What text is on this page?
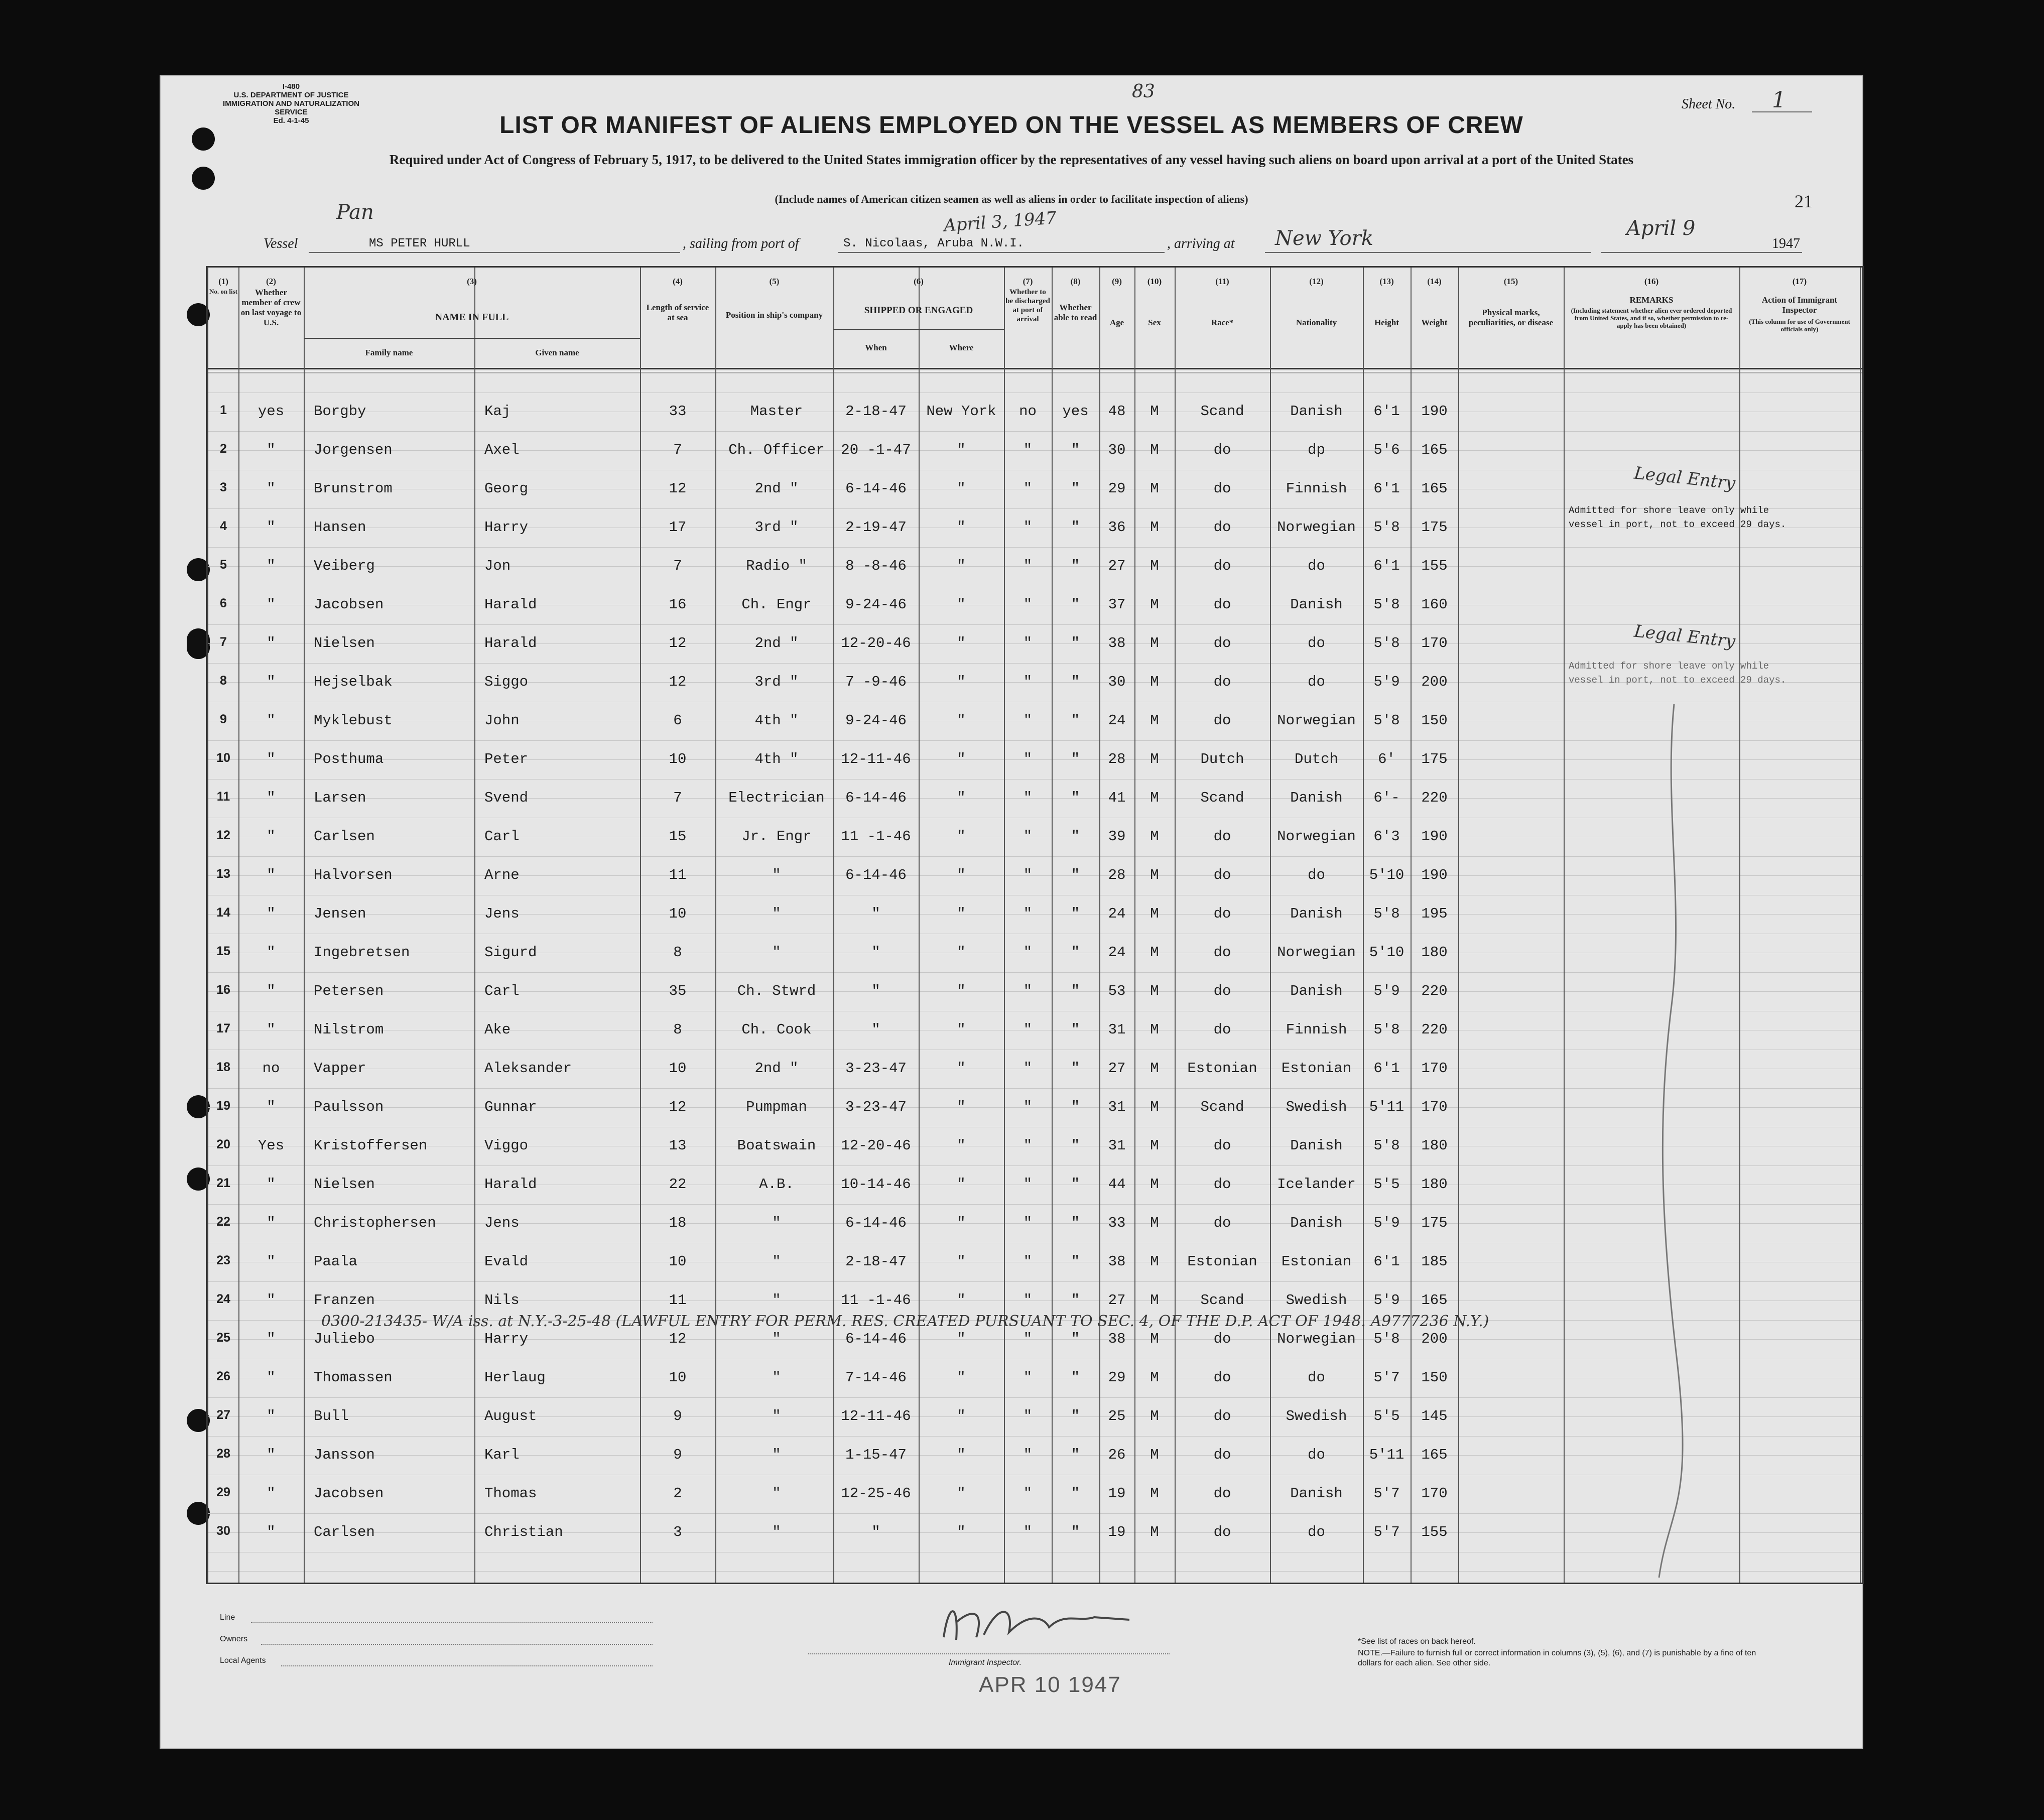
I-480
U.S. DEPARTMENT OF JUSTICE
IMMIGRATION AND NATURALIZATION SERVICE
Ed. 4-1-45
83
Sheet No. 1
LIST OR MANIFEST OF ALIENS EMPLOYED ON THE VESSEL AS MEMBERS OF CREW
Required under Act of Congress of February 5, 1917, to be delivered to the United States immigration officer by the representatives of any vessel having such aliens on board upon arrival at a port of the United States
(Include names of American citizen seamen as well as aliens in order to facilitate inspection of aliens)	21
Pan
Vessel	MS PETER HURLL	, sailing from port of	S. Nicolaas, Aruba N.W.I.
April 3, 1947
, arriving at New York	April 9
1947
(1)
No. on list
(2)
Whether member of crew on last voyage to U.S.
(3)
NAME IN FULL
Family name	Given name
(4)
Length of service at sea
(5)
Position in ship's company
(6)
SHIPPED OR ENGAGED
When	Where
(7)
Whether to be discharged at port of arrival
(8)
Whether able to read
(9)
Age
(10)
Sex
(11)
Race*
(12)
Nationality
(13)
Height
(14)
Weight
(15)
Physical marks, peculiarities, or disease
(16)
REMARKS
(Including statement whether alien ever ordered deported from United States, and if so, whether permission to re-apply has been obtained)
(17)
Action of Immigrant Inspector
(This column for use of Government officials only)
1	yes	Borgby	Kaj	33	Master	2-18-47	New York	no	yes	48	M	Scand	Danish	6'1	190
2	"	Jorgensen	Axel	7	Ch. Officer	20 -1-47	"	"	"	30	M	do	dp	5'6	165
3	"	Brunstrom	Georg	12	2nd "	6-14-46	"	"	"	29	M	do	Finnish	6'1	165
4	"	Hansen	Harry	17	3rd "	2-19-47	"	"	"	36	M	do	Norwegian	5'8	175
5	"	Veiberg	Jon	7	Radio "	8 -8-46	"	"	"	27	M	do	do	6'1	155
6	"	Jacobsen	Harald	16	Ch. Engr	9-24-46	"	"	"	37	M	do	Danish	5'8	160
7	"	Nielsen	Harald	12	2nd "	12-20-46	"	"	"	38	M	do	do	5'8	170
8	"	Hejselbak	Siggo	12	3rd "	7 -9-46	"	"	"	30	M	do	do	5'9	200
9	"	Myklebust	John	6	4th "	9-24-46	"	"	"	24	M	do	Norwegian	5'8	150
10	"	Posthuma	Peter	10	4th "	12-11-46	"	"	"	28	M	Dutch	Dutch	6'	175
11	"	Larsen	Svend	7	Electrician	6-14-46	"	"	"	41	M	Scand	Danish	6'-	220
12	"	Carlsen	Carl	15	Jr. Engr	11 -1-46	"	"	"	39	M	do	Norwegian	6'3	190
13	"	Halvorsen	Arne	11	"	6-14-46	"	"	"	28	M	do	do	5'10	190
14	"	Jensen	Jens	10	"	"	"	"	"	24	M	do	Danish	5'8	195
15	"	Ingebretsen	Sigurd	8	"	"	"	"	"	24	M	do	Norwegian 5'10	180
16	"	Petersen	Carl	35	Ch. Stwrd	"	"	"	"	53	M	do	Danish	5'9	220
17	"	Nilstrom	Ake	8	Ch. Cook	"	"	"	"	31	M	do	Finnish	5'8	220
18	no	Vapper	Aleksander	10	2nd "	3-23-47	"	"	"	27	M	Estonian	Estonian	6'1	170
19	"	Paulsson	Gunnar	12	Pumpman	3-23-47	"	"	"	31	M	Scand	Swedish	5'11	170
20	Yes	Kristoffersen	Viggo	13	Boatswain	12-20-46	"	"	"	31	M	do	Danish	5'8	180
21	"	Nielsen	Harald	22	A.B.	10-14-46	"	"	"	44	M	do	Icelander	5'5	180
22	"	Christophersen	Jens	18	"	6-14-46	"	"	"	33	M	do	Danish	5'9	175
23	"	Paala	Evald	10	"	2-18-47	"	"	"	38	M	Estonian	Estonian	6'1	185
24	"	Franzen	Nils	11	"	11 -1-46	"	"	"	27	M	Scand	Swedish	5'9	165
25	"	Juliebo	Harry	12	"	6-14-46	"	"	"	38	M	do	Norwegian	5'8	200
26	"	Thomassen	Herlaug	10	"	7-14-46	"	"	"	29	M	do	do	5'7	150
27	"	Bull	August	9	"	12-11-46	"	"	"	25	M	do	Swedish	5'5	145
28	"	Jansson	Karl	9	"	1-15-47	"	"	"	26	M	do	do	5'11	165
29	"	Jacobsen	Thomas	2	"	12-25-46	"	"	"	19	M	do	Danish	5'7	170
30	"	Carlsen	Christian	3	"	"	"	"	"	19	M	do	do	5'7	155
Legal Entry
Admitted for shore leave only while vessel in port, not to exceed 29 days.
Legal Entry
Admitted for shore leave only while vessel in port, not to exceed 29 days.
0300-213435- W/A iss. at N.Y.-3-25-48 (LAWFUL ENTRY FOR PERM. RES. CREATED PURSUANT TO SEC. 4, OF THE D.P. ACT OF 1948. A9777236 N.Y.)
Line
Owners
Local Agents	Immigrant Inspector.
APR 10 1947
*See list of races on back hereof.
NOTE.—Failure to furnish full or correct information in columns (3), (5), (6), and (7) is punishable by a fine of ten dollars for each alien. See other side.
